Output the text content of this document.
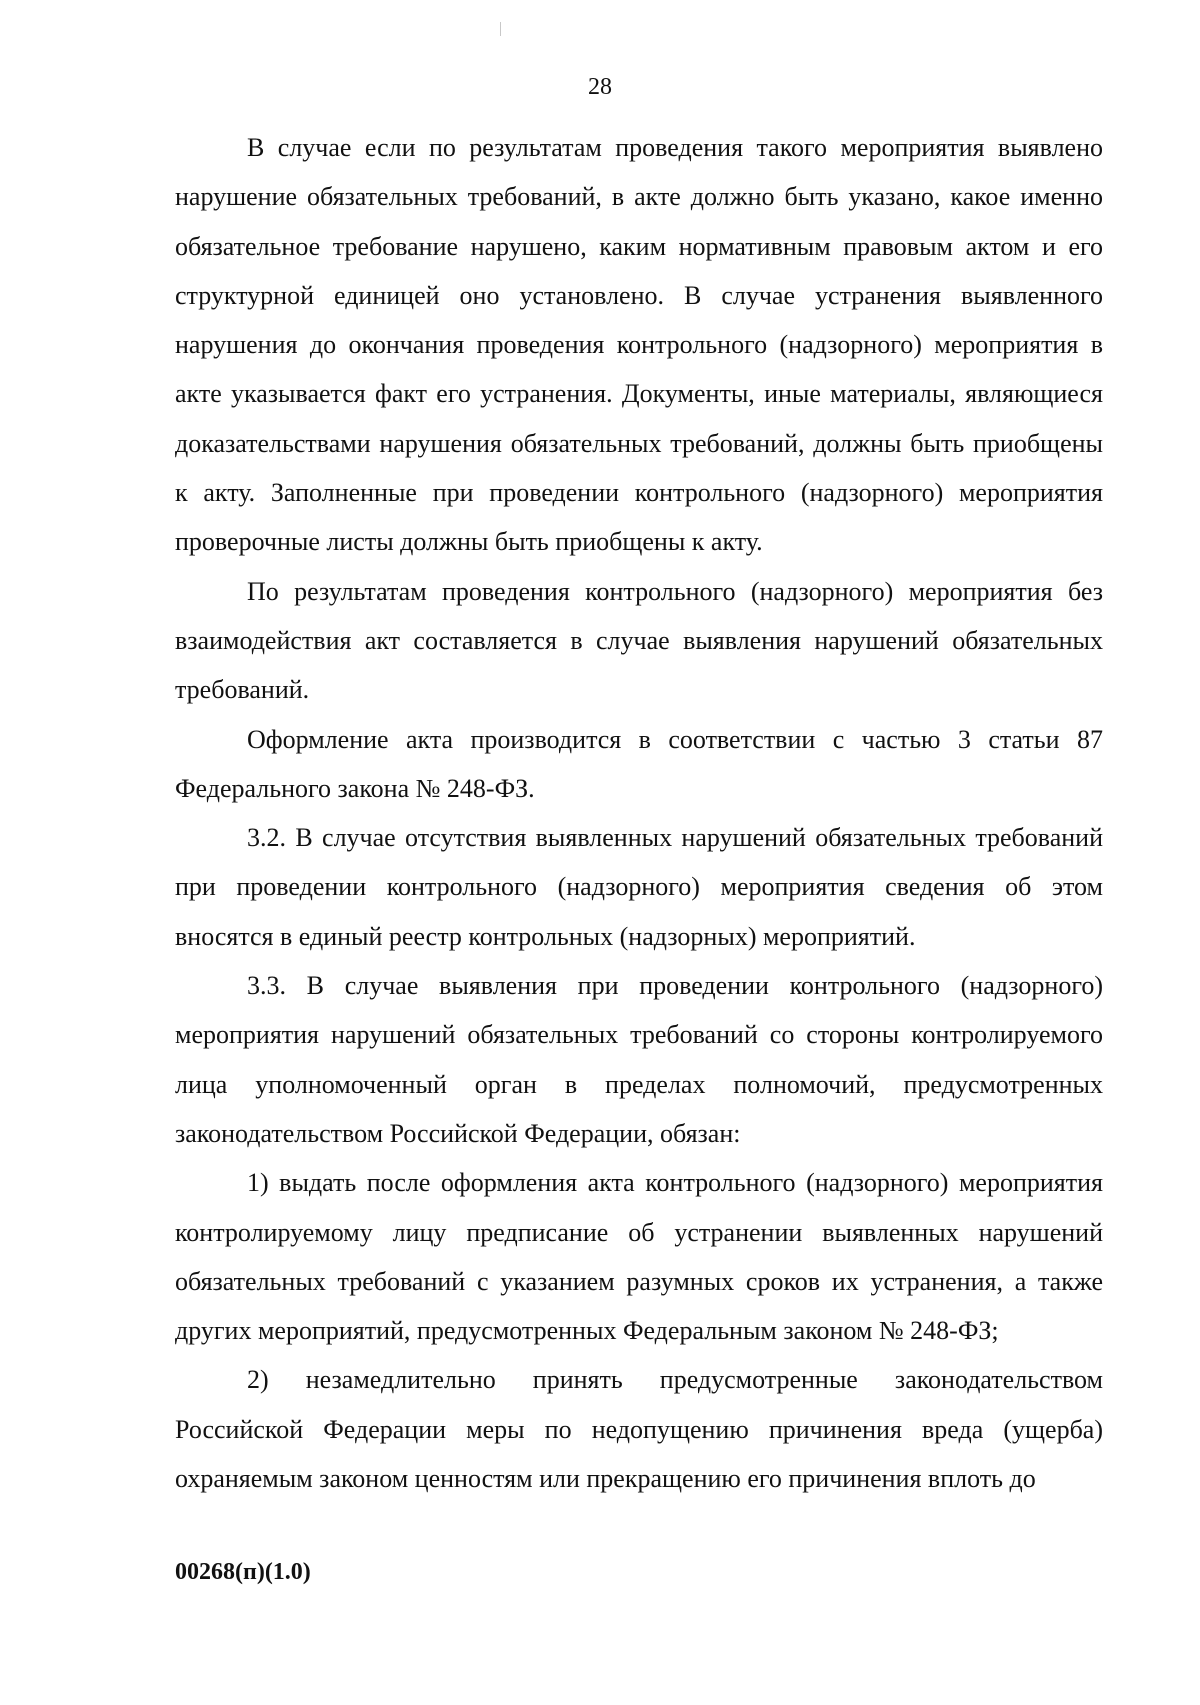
28

В случае если по результатам проведения такого мероприятия выявлено нарушение обязательных требований, в акте должно быть указано, какое именно обязательное требование нарушено, каким нормативным правовым актом и его структурной единицей оно установлено. В случае устранения выявленного нарушения до окончания проведения контрольного (надзорного) мероприятия в акте указывается факт его устранения. Документы, иные материалы, являющиеся доказательствами нарушения обязательных требований, должны быть приобщены к акту. Заполненные при проведении контрольного (надзорного) мероприятия проверочные листы должны быть приобщены к акту.

По результатам проведения контрольного (надзорного) мероприятия без взаимодействия акт составляется в случае выявления нарушений обязательных требований.

Оформление акта производится в соответствии с частью 3 статьи 87 Федерального закона № 248-ФЗ.

3.2. В случае отсутствия выявленных нарушений обязательных требований при проведении контрольного (надзорного) мероприятия сведения об этом вносятся в единый реестр контрольных (надзорных) мероприятий.

3.3. В случае выявления при проведении контрольного (надзорного) мероприятия нарушений обязательных требований со стороны контролируемого лица уполномоченный орган в пределах полномочий, предусмотренных законодательством Российской Федерации, обязан:

1) выдать после оформления акта контрольного (надзорного) мероприятия контролируемому лицу предписание об устранении выявленных нарушений обязательных требований с указанием разумных сроков их устранения, а также других мероприятий, предусмотренных Федеральным законом № 248-ФЗ;

2) незамедлительно принять предусмотренные законодательством Российской Федерации меры по недопущению причинения вреда (ущерба) охраняемым законом ценностям или прекращению его причинения вплоть до

00268(п)(1.0)
